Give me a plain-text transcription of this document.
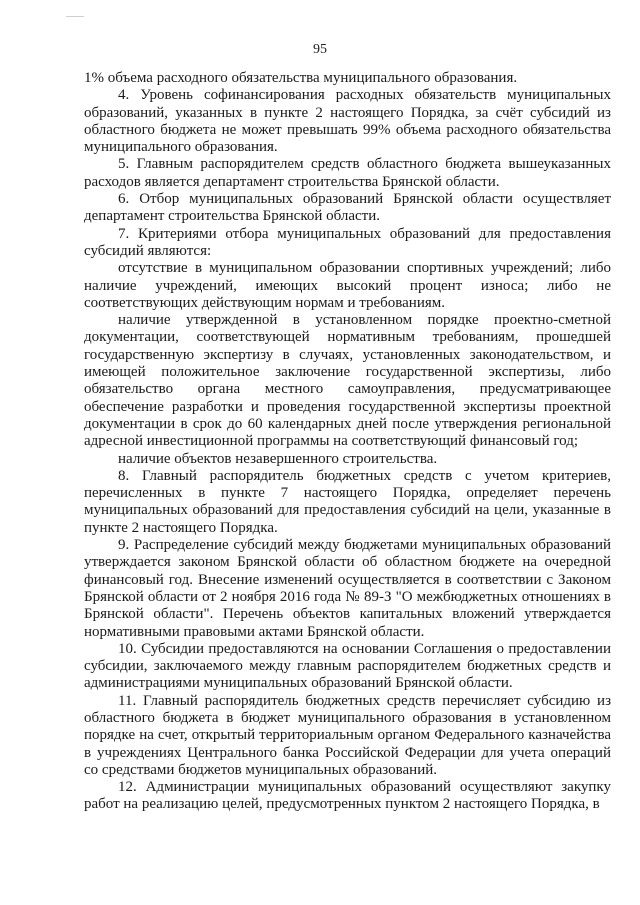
95

1% объема расходного обязательства муниципального образования.

4. Уровень софинансирования расходных обязательств муниципальных образований, указанных в пункте 2 настоящего Порядка, за счёт субсидий из областного бюджета не может превышать 99% объема расходного обязательства муниципального образования.

5. Главным распорядителем средств областного бюджета вышеуказанных расходов является департамент строительства Брянской области.

6. Отбор муниципальных образований Брянской области осуществляет департамент строительства Брянской области.

7. Критериями отбора муниципальных образований для предоставления субсидий являются:

отсутствие в муниципальном образовании спортивных учреждений; либо наличие учреждений, имеющих высокий процент износа; либо не соответствующих действующим нормам и требованиям.

наличие утвержденной в установленном порядке проектно-сметной документации, соответствующей нормативным требованиям, прошедшей государственную экспертизу в случаях, установленных законодательством, и имеющей положительное заключение государственной экспертизы, либо обязательство органа местного самоуправления, предусматривающее обеспечение разработки и проведения государственной экспертизы проектной документации в срок до 60 календарных дней после утверждения региональной адресной инвестиционной программы на соответствующий финансовый год;

наличие объектов незавершенного строительства.

8. Главный распорядитель бюджетных средств с учетом критериев, перечисленных в пункте 7 настоящего Порядка, определяет перечень муниципальных образований для предоставления субсидий на цели, указанные в пункте 2 настоящего Порядка.

9. Распределение субсидий между бюджетами муниципальных образований утверждается законом Брянской области об областном бюджете на очередной финансовый год. Внесение изменений осуществляется в соответствии с Законом Брянской области от 2 ноября 2016 года № 89-З "О межбюджетных отношениях в Брянской области". Перечень объектов капитальных вложений утверждается нормативными правовыми актами Брянской области.

10. Субсидии предоставляются на основании Соглашения о предоставлении субсидии, заключаемого между главным распорядителем бюджетных средств и администрациями муниципальных образований Брянской области.

11. Главный распорядитель бюджетных средств перечисляет субсидию из областного бюджета в бюджет муниципального образования в установленном порядке на счет, открытый территориальным органом Федерального казначейства в учреждениях Центрального банка Российской Федерации для учета операций со средствами бюджетов муниципальных образований.

12. Администрации муниципальных образований осуществляют закупку работ на реализацию целей, предусмотренных пунктом 2 настоящего Порядка, в
